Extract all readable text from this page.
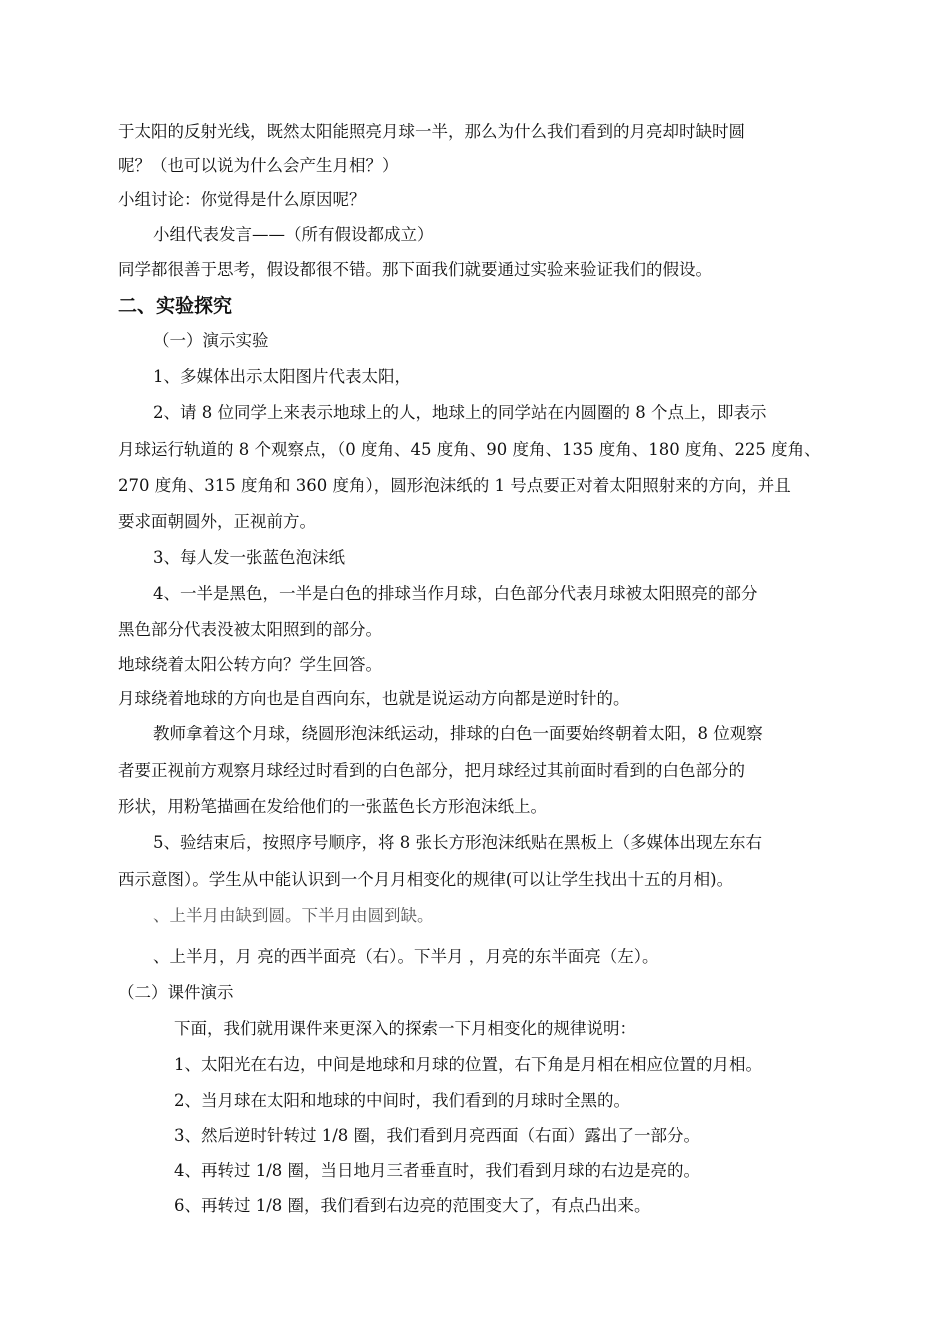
于太阳的反射光线，既然太阳能照亮月球一半，那么为什么我们看到的月亮却时缺时圆
呢？（也可以说为什么会产生月相？）
小组讨论：你觉得是什么原因呢？
小组代表发言——（所有假设都成立）
同学都很善于思考，假设都很不错。那下面我们就要通过实验来验证我们的假设。
二、实验探究
（一）演示实验
1、多媒体出示太阳图片代表太阳，
2、请 8 位同学上来表示地球上的人，地球上的同学站在内圆圈的 8 个点上，即表示
月球运行轨道的 8 个观察点，（0 度角、45 度角、90 度角、135 度角、180 度角、225 度角、
270 度角、315 度角和 360 度角），圆形泡沫纸的 1 号点要正对着太阳照射来的方向，并且
要求面朝圆外，正视前方。
3、每人发一张蓝色泡沫纸
4、一半是黑色，一半是白色的排球当作月球，白色部分代表月球被太阳照亮的部分
黑色部分代表没被太阳照到的部分。
地球绕着太阳公转方向？学生回答。
月球绕着地球的方向也是自西向东，也就是说运动方向都是逆时针的。
教师拿着这个月球，绕圆形泡沫纸运动，排球的白色一面要始终朝着太阳，8 位观察
者要正视前方观察月球经过时看到的白色部分，把月球经过其前面时看到的白色部分的
形状，用粉笔描画在发给他们的一张蓝色长方形泡沫纸上。
5、验结束后，按照序号顺序，将 8 张长方形泡沫纸贴在黑板上（多媒体出现左东右
西示意图）。学生从中能认识到一个月月相变化的规律(可以让学生找出十五的月相)。
、上半月由缺到圆。下半月由圆到缺。
、上半月，月 亮的西半面亮（右）。下半月 ，月亮的东半面亮（左）。
（二）课件演示
下面，我们就用课件来更深入的探索一下月相变化的规律说明：
1、太阳光在右边，中间是地球和月球的位置，右下角是月相在相应位置的月相。
2、当月球在太阳和地球的中间时，我们看到的月球时全黑的。
3、然后逆时针转过 1/8 圈，我们看到月亮西面（右面）露出了一部分。
4、再转过 1/8 圈，当日地月三者垂直时，我们看到月球的右边是亮的。
6、再转过 1/8 圈，我们看到右边亮的范围变大了，有点凸出来。
